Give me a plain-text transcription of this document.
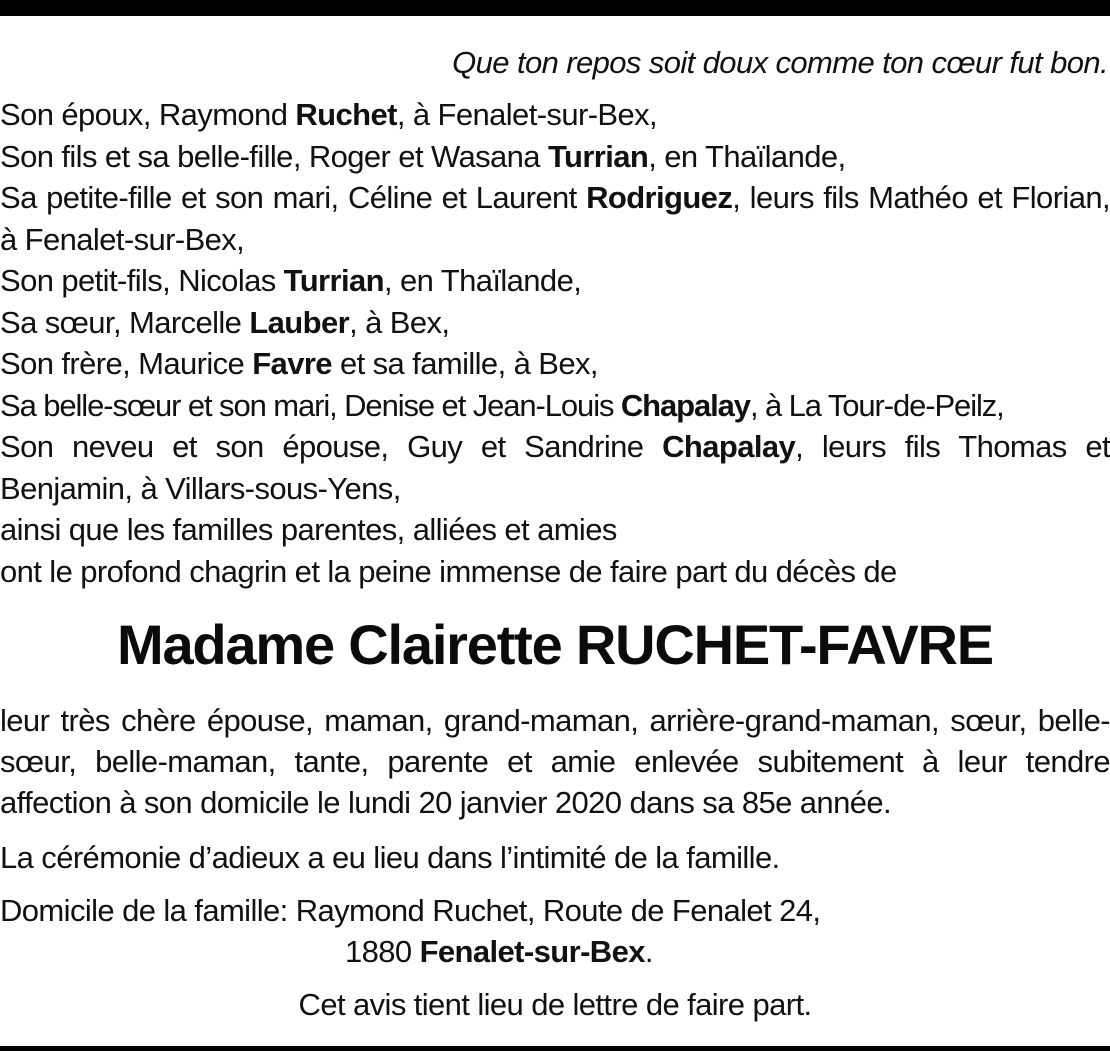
Que ton repos soit doux comme ton cœur fut bon.

Son époux, Raymond Ruchet, à Fenalet-sur-Bex,

Son fils et sa belle-fille, Roger et Wasana Turrian, en Thaïlande,

Sa petite-fille et son mari, Céline et Laurent Rodriguez, leurs fils Mathéo et Florian, à Fenalet-sur-Bex,

Son petit-fils, Nicolas Turrian, en Thaïlande,

Sa sœur, Marcelle Lauber, à Bex,

Son frère, Maurice Favre et sa famille, à Bex,

Sa belle-sœur et son mari, Denise et Jean-Louis Chapalay, à La Tour-de-Peilz,

Son neveu et son épouse, Guy et Sandrine Chapalay, leurs fils Thomas et Benjamin, à Villars-sous-Yens,

ainsi que les familles parentes, alliées et amies

ont le profond chagrin et la peine immense de faire part du décès de

Madame Clairette RUCHET-FAVRE

leur très chère épouse, maman, grand-maman, arrière-grand-maman, sœur, belle-sœur, belle-maman, tante, parente et amie enlevée subitement à leur tendre affection à son domicile le lundi 20 janvier 2020 dans sa 85e année.

La cérémonie d’adieux a eu lieu dans l’intimité de la famille.

Domicile de la famille: Raymond Ruchet, Route de Fenalet 24,

1880 Fenalet-sur-Bex.

Cet avis tient lieu de lettre de faire part.
